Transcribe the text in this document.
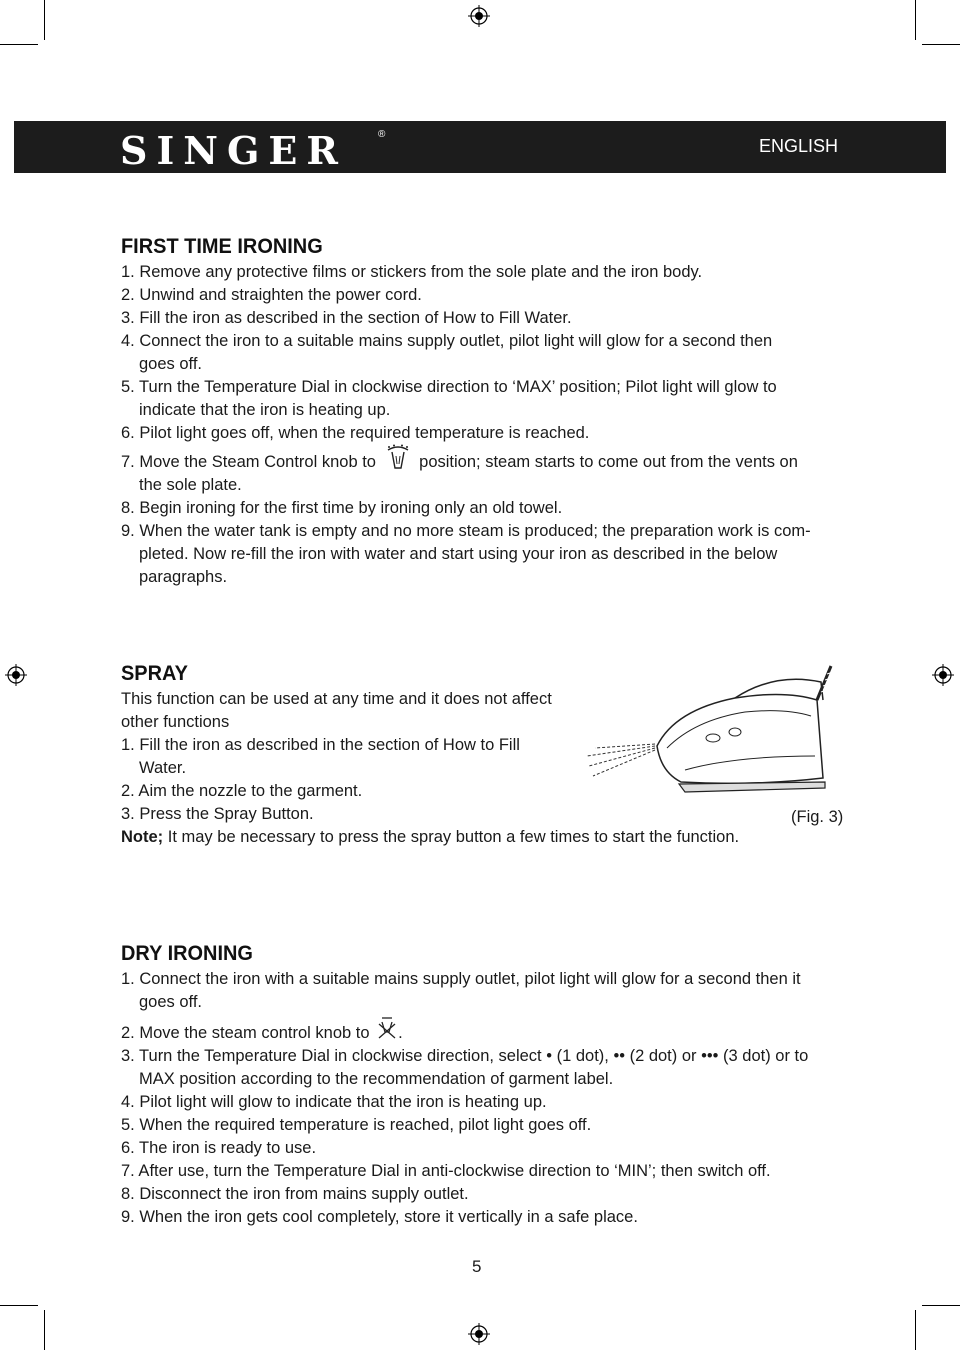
SINGER	®
ENGLISH

FIRST TIME IRONING

1. Remove any protective films or stickers from the sole plate and the iron body.

2. Unwind and straighten the power cord.

3. Fill the iron as described in the section of How to Fill Water.

4. Connect the iron to a suitable mains supply outlet, pilot light will glow for a second then

goes off.

5. Turn the Temperature Dial in clockwise direction to ‘MAX’ position; Pilot light will glow to

indicate that the iron is heating up.

6. Pilot light goes off, when the required temperature is reached.

7. Move the Steam Control knob to	position; steam starts to come out from the vents on

the sole plate.

8. Begin ironing for the first time by ironing only an old towel.

9. When the water tank is empty and no more steam is produced; the preparation work is com-

pleted. Now re-fill the iron with water and start using your iron as described in the below

paragraphs.

SPRAY

This function can be used at any time and it does not affect

other functions

1. Fill the iron as described in the section of How to Fill

Water.

2. Aim the nozzle to the garment.

3. Press the Spray Button.

Note; It may be necessary to press the spray button a few times to start the function.

(Fig. 3)

DRY IRONING

1. Connect the iron with a suitable mains supply outlet, pilot light will glow for a second then it

goes off.

2. Move the steam control knob to .

3. Turn the Temperature Dial in clockwise direction, select • (1 dot), •• (2 dot) or ••• (3 dot) or to

MAX position according to the recommendation of garment label.

4. Pilot light will glow to indicate that the iron is heating up.

5. When the required temperature is reached, pilot light goes off.

6. The iron is ready to use.

7. After use, turn the Temperature Dial in anti-clockwise direction to ‘MIN’; then switch off.

8. Disconnect the iron from mains supply outlet.

9. When the iron gets cool completely, store it vertically in a safe place.

5
